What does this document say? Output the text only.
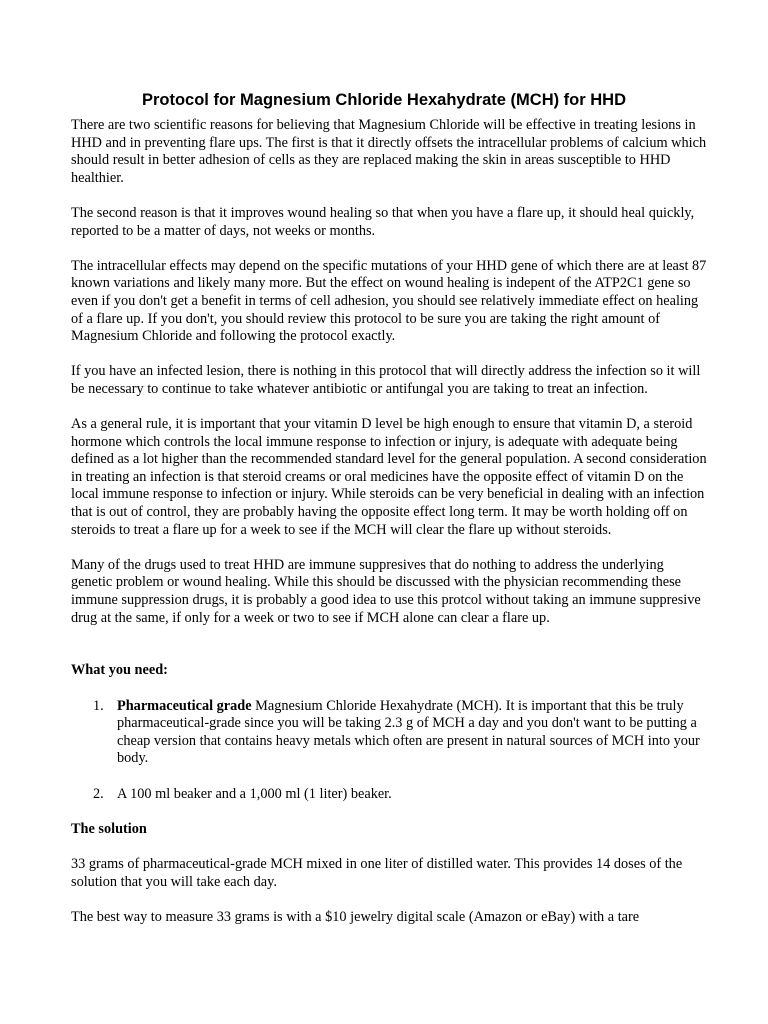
Protocol for Magnesium Chloride Hexahydrate (MCH) for HHD

There are two scientific reasons for believing that Magnesium Chloride will be effective in treating lesions in HHD and in preventing flare ups. The first is that it directly offsets the intracellular problems of calcium which should result in better adhesion of cells as they are replaced making the skin in areas susceptible to HHD healthier.

The second reason is that it improves wound healing so that when you have a flare up, it should heal quickly, reported to be a matter of days, not weeks or months.

The intracellular effects may depend on the specific mutations of your HHD gene of which there are at least 87 known variations and likely many more. But the effect on wound healing is indepent of the ATP2C1 gene so even if you don't get a benefit in terms of cell adhesion, you should see relatively immediate effect on healing of a flare up. If you don't, you should review this protocol to be sure you are taking the right amount of Magnesium Chloride and following the protocol exactly.

If you have an infected lesion, there is nothing in this protocol that will directly address the infection so it will be necessary to continue to take whatever antibiotic or antifungal you are taking to treat an infection.

As a general rule, it is important that your vitamin D level be high enough to ensure that vitamin D, a steroid hormone which controls the local immune response to infection or injury, is adequate with adequate being defined as a lot higher than the recommended standard level for the general population. A second consideration in treating an infection is that steroid creams or oral medicines have the opposite effect of vitamin D on the local immune response to infection or injury. While steroids can be very beneficial in dealing with an infection that is out of control, they are probably having the opposite effect long term. It may be worth holding off on steroids to treat a flare up for a week to see if the MCH will clear the flare up without steroids.

Many of the drugs used to treat HHD are immune suppresives that do nothing to address the underlying genetic problem or wound healing. While this should be discussed with the physician recommending these immune suppression drugs, it is probably a good idea to use this protcol without taking an immune suppresive drug at the same, if only for a week or two to see if MCH alone can clear a flare up.

What you need:

1. Pharmaceutical grade Magnesium Chloride Hexahydrate (MCH). It is important that this be truly pharmaceutical-grade since you will be taking 2.3 g of MCH a day and you don't want to be putting a cheap version that contains heavy metals which often are present in natural sources of MCH into your body.
2. A 100 ml beaker and a 1,000 ml (1 liter) beaker.

The solution

33 grams of pharmaceutical-grade MCH mixed in one liter of distilled water. This provides 14 doses of the solution that you will take each day.

The best way to measure 33 grams is with a $10 jewelry digital scale (Amazon or eBay) with a tare
